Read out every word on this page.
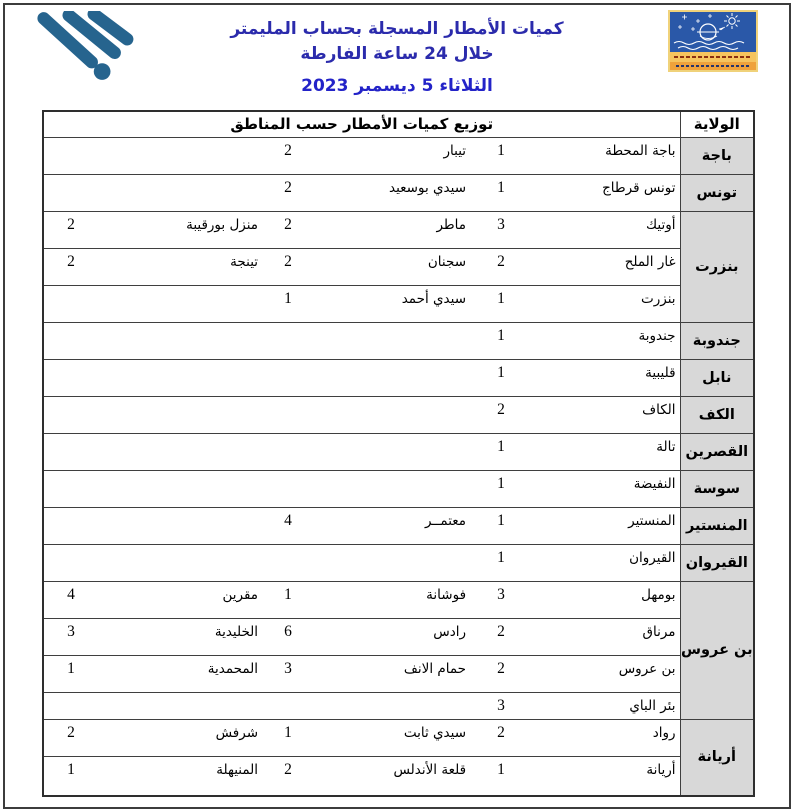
كميات الأمطار المسجلة بحساب المليمتر
خلال 24 ساعة الفارطة
الثلاثاء 5 ديسمبر 2023
الولاية	توزيع كميات الأمطار حسب المناطق					
باجة	باجة المحطة	1	تيبار	2		
تونس	تونس قرطاج	1	سيدي بوسعيد	2		
بنزرت	أوتيك	3	ماطر	2	منزل بورقيبة	2
	غار الملح	2	سجنان	2	تينجة	2
	بنزرت	1	سيدي أحمد	1		
جندوبة	جندوبة	1				
نابل	قليبية	1				
الكف	الكاف	2				
القصرين	تالة	1				
سوسة	النفيضة	1				
المنستير	المنستير	1	معتمــر	4		
القيروان	القيروان	1				
بن عروس	بومهل	3	فوشانة	1	مقرين	4
	مرناق	2	رادس	6	الخليدية	3
	بن عروس	2	حمام الانف	3	المحمدية	1
	بئر الباي	3				
أريانة	رواد	2	سيدي ثابت	1	شرفش	2
	أريانة	1	قلعة الأندلس	2	المنيهلة	1
